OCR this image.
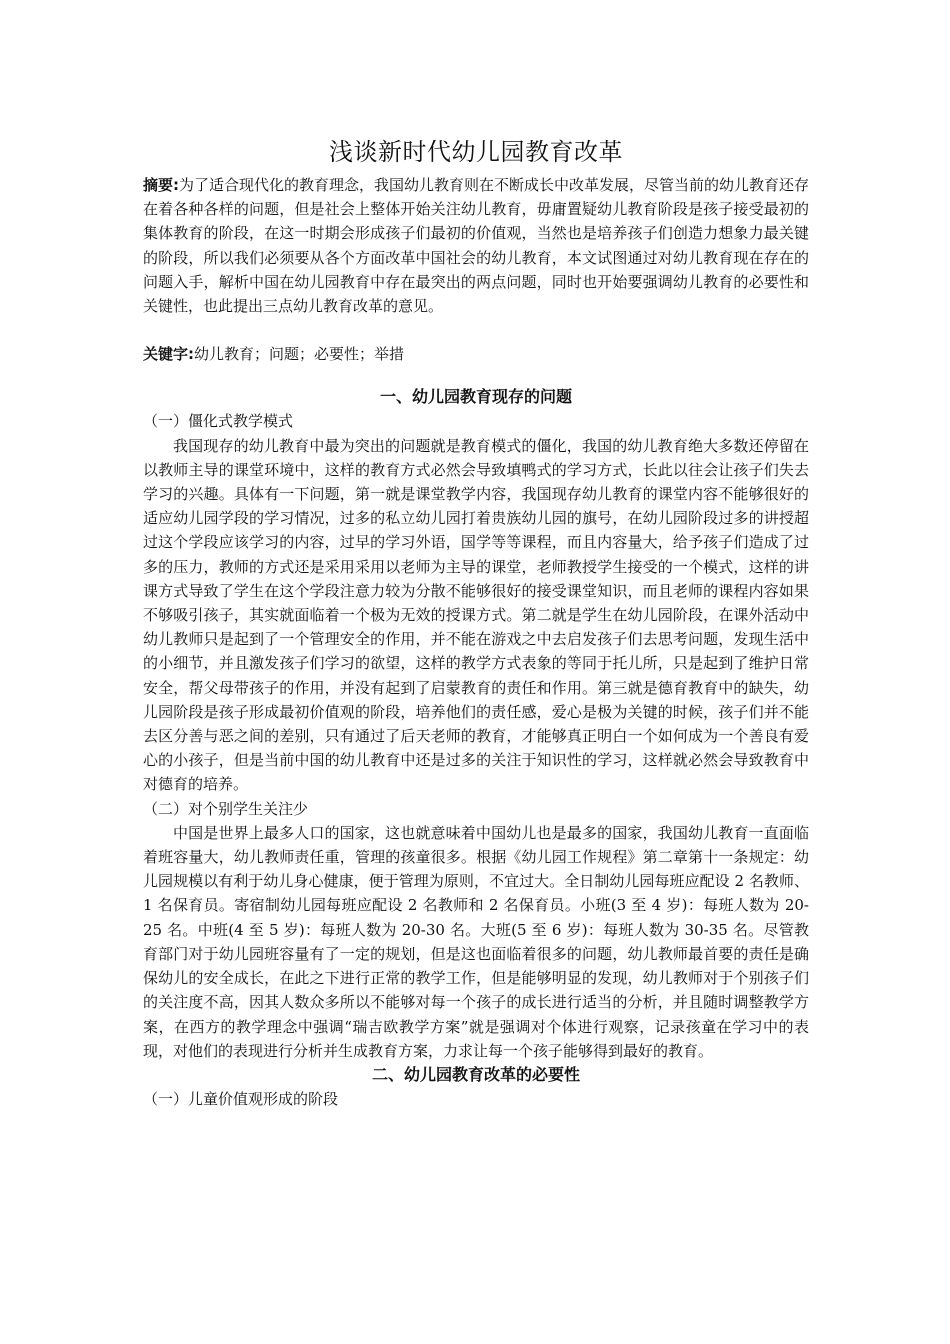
浅谈新时代幼儿园教育改革

摘要:为了适合现代化的教育理念，我国幼儿教育则在不断成长中改革发展，尽管当前的幼儿教育还存在着各种各样的问题，但是社会上整体开始关注幼儿教育，毋庸置疑幼儿教育阶段是孩子接受最初的集体教育的阶段，在这一时期会形成孩子们最初的价值观，当然也是培养孩子们创造力想象力最关键的阶段，所以我们必须要从各个方面改革中国社会的幼儿教育，本文试图通过对幼儿教育现在存在的问题入手，解析中国在幼儿园教育中存在最突出的两点问题，同时也开始要强调幼儿教育的必要性和关键性，也此提出三点幼儿教育改革的意见。

关键字:幼儿教育；问题；必要性；举措

一、幼儿园教育现存的问题
（一）僵化式教学模式

我国现存的幼儿教育中最为突出的问题就是教育模式的僵化，我国的幼儿教育绝大多数还停留在以教师主导的课堂环境中，这样的教育方式必然会导致填鸭式的学习方式，长此以往会让孩子们失去学习的兴趣。具体有一下问题，第一就是课堂教学内容，我国现存幼儿教育的课堂内容不能够很好的适应幼儿园学段的学习情况，过多的私立幼儿园打着贵族幼儿园的旗号，在幼儿园阶段过多的讲授超过这个学段应该学习的内容，过早的学习外语，国学等等课程，而且内容量大，给予孩子们造成了过多的压力，教师的方式还是采用采用以老师为主导的课堂，老师教授学生接受的一个模式，这样的讲课方式导致了学生在这个学段注意力较为分散不能够很好的接受课堂知识，而且老师的课程内容如果不够吸引孩子，其实就面临着一个极为无效的授课方式。第二就是学生在幼儿园阶段，在课外活动中幼儿教师只是起到了一个管理安全的作用，并不能在游戏之中去启发孩子们去思考问题，发现生活中的小细节，并且激发孩子们学习的欲望，这样的教学方式表象的等同于托儿所，只是起到了维护日常安全，帮父母带孩子的作用，并没有起到了启蒙教育的责任和作用。第三就是德育教育中的缺失，幼儿园阶段是孩子形成最初价值观的阶段，培养他们的责任感，爱心是极为关键的时候，孩子们并不能去区分善与恶之间的差别，只有通过了后天老师的教育，才能够真正明白一个如何成为一个善良有爱心的小孩子，但是当前中国的幼儿教育中还是过多的关注于知识性的学习，这样就必然会导致教育中对德育的培养。

（二）对个别学生关注少

中国是世界上最多人口的国家，这也就意味着中国幼儿也是最多的国家，我国幼儿教育一直面临着班容量大，幼儿教师责任重，管理的孩童很多。根据《幼儿园工作规程》第二章第十一条规定：幼儿园规模以有利于幼儿身心健康，便于管理为原则，不宜过大。全日制幼儿园每班应配设 2 名教师、1 名保育员。寄宿制幼儿园每班应配设 2 名教师和 2 名保育员。小班(3 至 4 岁)：每班人数为 20-25 名。中班(4 至 5 岁)：每班人数为 20-30 名。大班(5 至 6 岁)：每班人数为 30-35 名。尽管教育部门对于幼儿园班容量有了一定的规划，但是这也面临着很多的问题，幼儿教师最首要的责任是确保幼儿的安全成长，在此之下进行正常的教学工作，但是能够明显的发现，幼儿教师对于个别孩子们的关注度不高，因其人数众多所以不能够对每一个孩子的成长进行适当的分析，并且随时调整教学方案，在西方的教学理念中强调“瑞吉欧教学方案”就是强调对个体进行观察，记录孩童在学习中的表现，对他们的表现进行分析并生成教育方案，力求让每一个孩子能够得到最好的教育。

二、幼儿园教育改革的必要性
（一）儿童价值观形成的阶段
